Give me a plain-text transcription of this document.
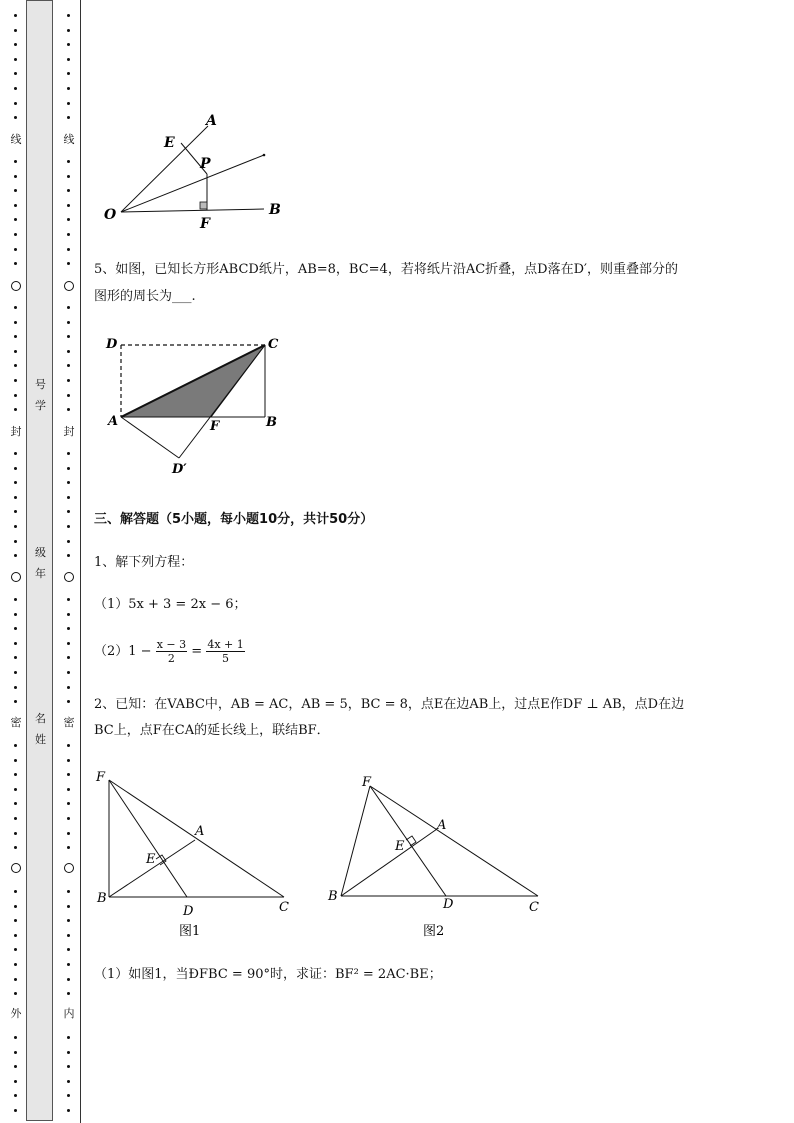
线
封
密
外
线
封
密
内
号
学
级
年
名
姓
E
A
P
O
F
B
5、如图，已知长方形ABCD纸片，AB=8，BC=4，若将纸片沿AC折叠，点D落在D′，则重叠部分的
图形的周长为___.
D	C
A	F	B
D′
三、解答题（5小题，每小题10分，共计50分）
1、解下列方程：
（1）5x + 3 = 2x − 6；
$(2)1 - \frac{x - 3}{2} = \frac{4x + 1}{5}$
2、已知：在VABC中，AB = AC，AB = 5，BC = 8，点E在边AB上，过点E作DF ⊥ AB，点D在边
BC上，点F在CA的延长线上，联结BF．
F
A
E
B
D	C
图1
F
A
E
B
D	C
图2
（1）如图1，当ÐFBC = 90°时，求证：BF² = 2AC·BE；
